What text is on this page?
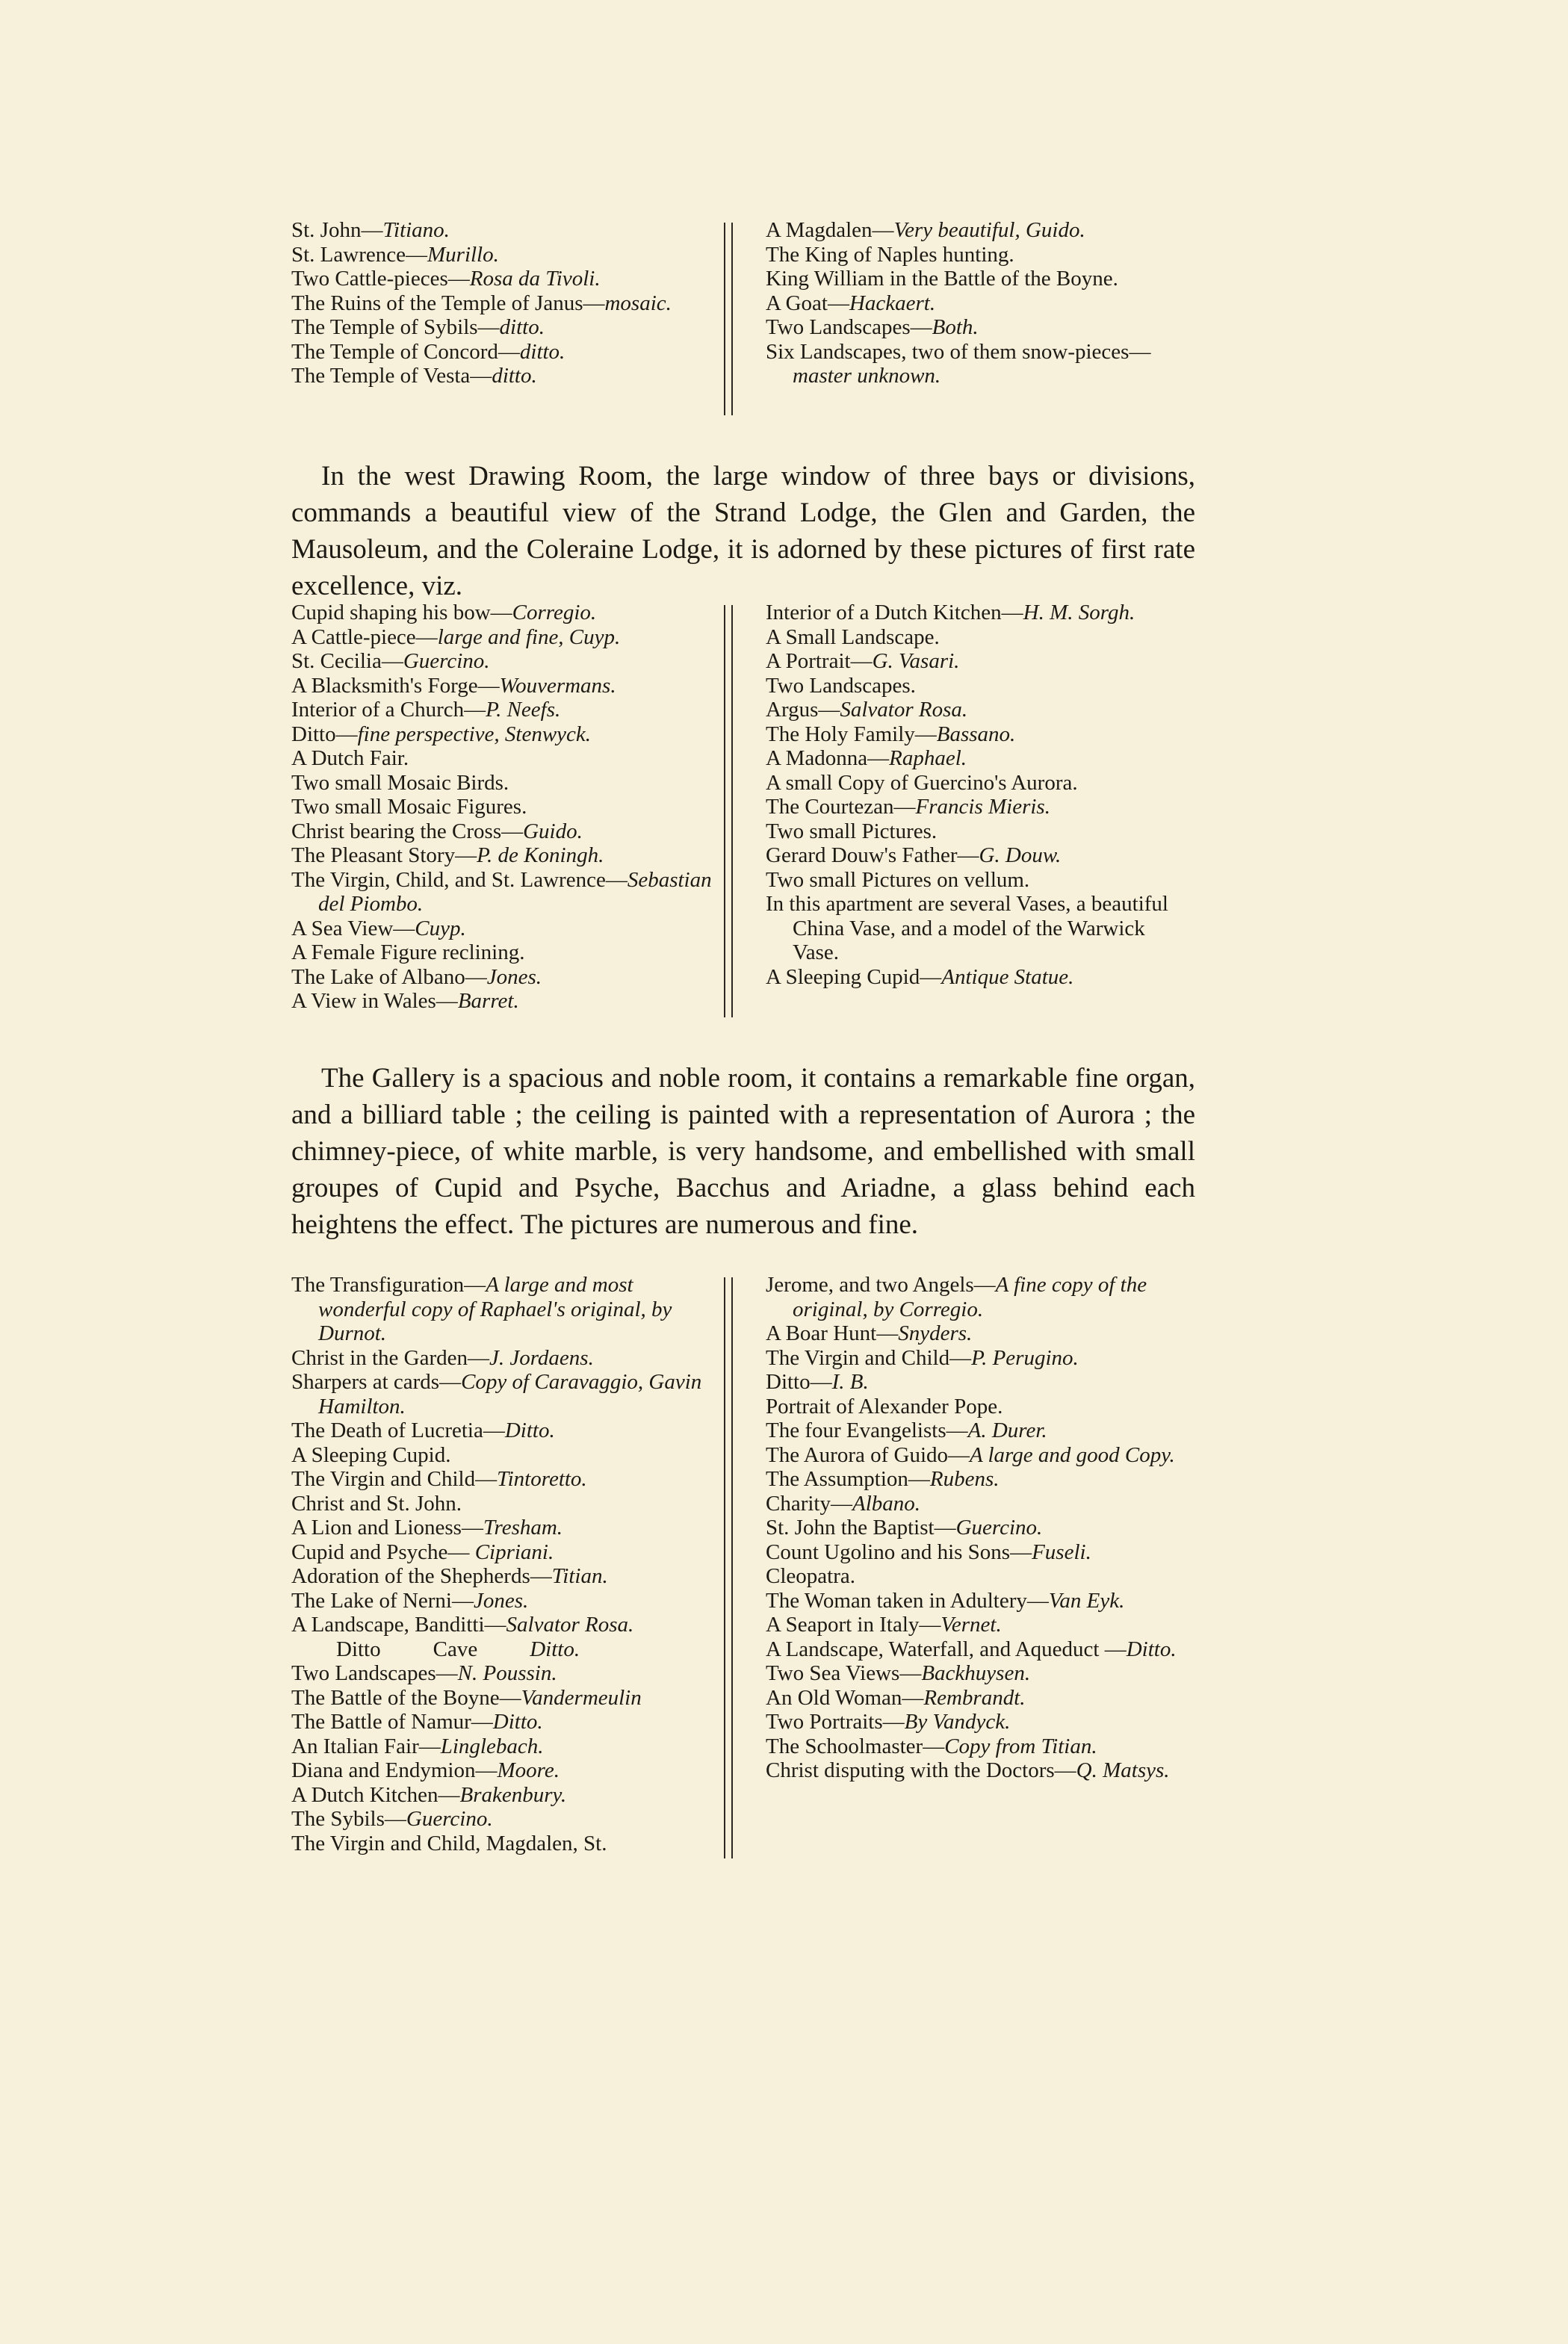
St. John—Titiano.
St. Lawrence—Murillo.
Two Cattle-pieces—Rosa da Tivoli.
The Ruins of the Temple of Janus—mosaic.
The Temple of Sybils—ditto.
The Temple of Concord—ditto.
The Temple of Vesta—ditto.
A Magdalen—Very beautiful, Guido.
The King of Naples hunting.
King William in the Battle of the Boyne.
A Goat—Hackaert.
Two Landscapes—Both.
Six Landscapes, two of them snow-pieces—master unknown.

In the west Drawing Room, the large window of three bays or divisions, commands a beautiful view of the Strand Lodge, the Glen and Garden, the Mausoleum, and the Coleraine Lodge, it is adorned by these pictures of first rate excellence, viz.

Cupid shaping his bow—Corregio.
A Cattle-piece—large and fine, Cuyp.
St. Cecilia—Guercino.
A Blacksmith's Forge—Wouvermans.
Interior of a Church—P. Neefs.
Ditto—fine perspective, Stenwyck.
A Dutch Fair.
Two small Mosaic Birds.
Two small Mosaic Figures.
Christ bearing the Cross—Guido.
The Pleasant Story—P. de Koningh.
The Virgin, Child, and St. Lawrence—Sebastian del Piombo.
A Sea View—Cuyp.
A Female Figure reclining.
The Lake of Albano—Jones.
A View in Wales—Barret.
Interior of a Dutch Kitchen—H. M. Sorgh.
A Small Landscape.
A Portrait—G. Vasari.
Two Landscapes.
Argus—Salvator Rosa.
The Holy Family—Bassano.
A Madonna—Raphael.
A small Copy of Guercino's Aurora.
The Courtezan—Francis Mieris.
Two small Pictures.
Gerard Douw's Father—G. Douw.
Two small Pictures on vellum.
In this apartment are several Vases, a beautiful China Vase, and a model of the Warwick Vase.
A Sleeping Cupid—Antique Statue.

The Gallery is a spacious and noble room, it contains a remarkable fine organ, and a billiard table ; the ceiling is painted with a representation of Aurora ; the chimney-piece, of white marble, is very handsome, and embellished with small groupes of Cupid and Psyche, Bacchus and Ariadne, a glass behind each heightens the effect. The pictures are numerous and fine.

The Transfiguration—A large and most wonderful copy of Raphael's original, by Durnot.
Christ in the Garden—J. Jordaens.
Sharpers at cards—Copy of Caravaggio, Gavin Hamilton.
The Death of Lucretia—Ditto.
A Sleeping Cupid.
The Virgin and Child—Tintoretto.
Christ and St. John.
A Lion and Lioness—Tresham.
Cupid and Psyche— Cipriani.
Adoration of the Shepherds—Titian.
The Lake of Nerni—Jones.
A Landscape, Banditti—Salvator Rosa.
Ditto Cave Ditto.
Two Landscapes—N. Poussin.
The Battle of the Boyne—Vandermeulin
The Battle of Namur—Ditto.
An Italian Fair—Linglebach.
Diana and Endymion—Moore.
A Dutch Kitchen—Brakenbury.
The Sybils—Guercino.
The Virgin and Child, Magdalen, St.
Jerome, and two Angels—A fine copy of the original, by Corregio.
A Boar Hunt—Snyders.
The Virgin and Child—P. Perugino.
Ditto—I. B.
Portrait of Alexander Pope.
The four Evangelists—A. Durer.
The Aurora of Guido—A large and good Copy.
The Assumption—Rubens.
Charity—Albano.
St. John the Baptist—Guercino.
Count Ugolino and his Sons—Fuseli.
Cleopatra.
The Woman taken in Adultery—Van Eyk.
A Seaport in Italy—Vernet.
A Landscape, Waterfall, and Aqueduct —Ditto.
Two Sea Views—Backhuysen.
An Old Woman—Rembrandt.
Two Portraits—By Vandyck.
The Schoolmaster—Copy from Titian.
Christ disputing with the Doctors—Q. Matsys.
